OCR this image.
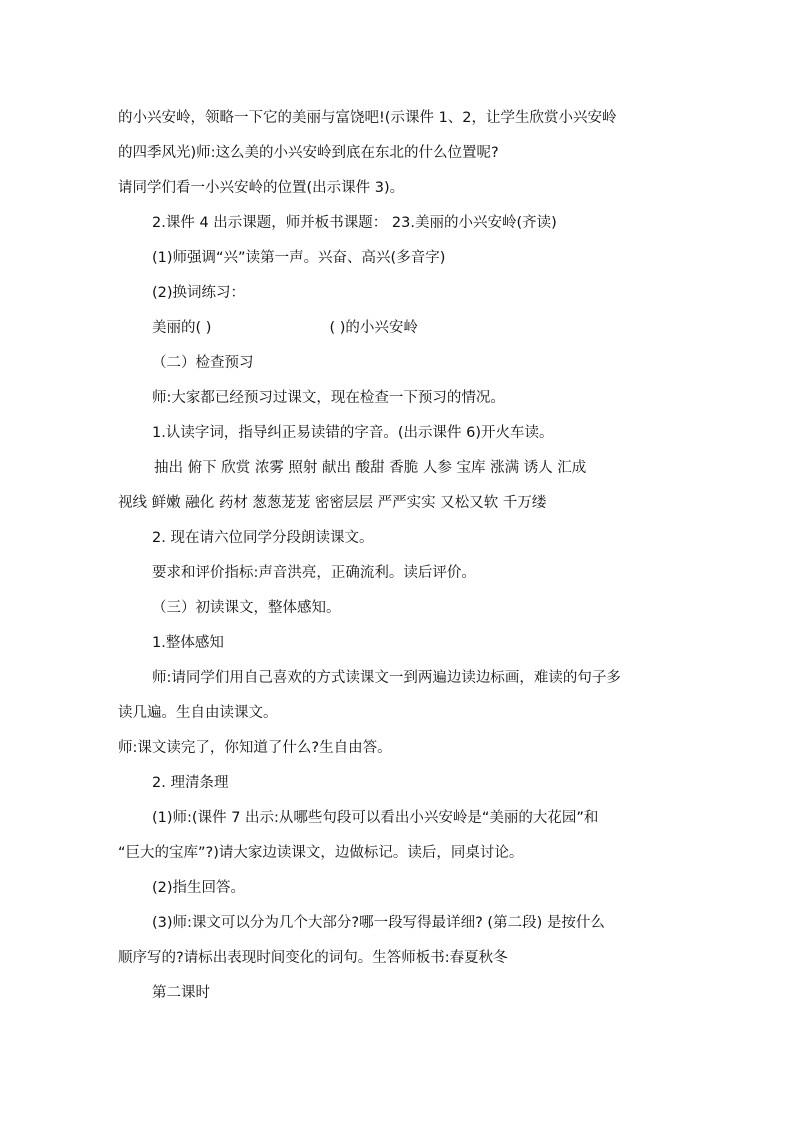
的小兴安岭，领略一下它的美丽与富饶吧!(示课件 1、2，让学生欣赏小兴安岭
的四季风光)师:这么美的小兴安岭到底在东北的什么位置呢?
请同学们看一小兴安岭的位置(出示课件 3)。
2.课件 4 出示课题，师并板书课题： 23.美丽的小兴安岭(齐读)
(1)师强调“兴”读第一声。兴奋、高兴(多音字)
(2)换词练习：
美丽的( )	( )的小兴安岭
（二）检查预习
师:大家都已经预习过课文，现在检查一下预习的情况。
1.认读字词，指导纠正易读错的字音。(出示课件 6)开火车读。
抽出 俯下 欣赏 浓雾 照射 献出 酸甜 香脆 人参 宝库 涨满 诱人 汇成
视线 鲜嫩 融化 药材 葱葱茏茏 密密层层 严严实实 又松又软 千万缕
2. 现在请六位同学分段朗读课文。
要求和评价指标:声音洪亮，正确流利。读后评价。
（三）初读课文，整体感知。
1.整体感知
师:请同学们用自己喜欢的方式读课文一到两遍边读边标画，难读的句子多
读几遍。生自由读课文。
师:课文读完了，你知道了什么?生自由答。
2. 理清条理
(1)师:(课件 7 出示:从哪些句段可以看出小兴安岭是“美丽的大花园”和
“巨大的宝库”?)请大家边读课文，边做标记。读后，同桌讨论。
(2)指生回答。
(3)师:课文可以分为几个大部分?哪一段写得最详细? (第二段) 是按什么
顺序写的?请标出表现时间变化的词句。生答师板书:春夏秋冬
第二课时
